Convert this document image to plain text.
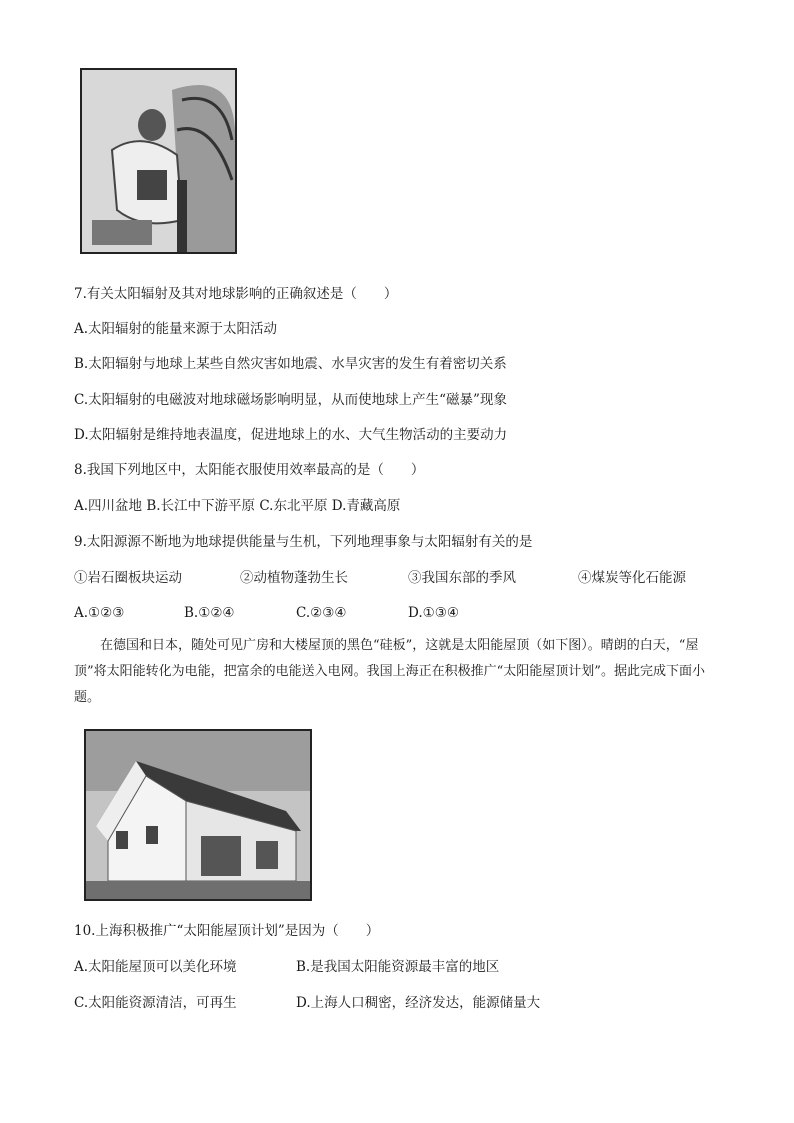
7.有关太阳辐射及其对地球影响的正确叙述是（　　）
A.太阳辐射的能量来源于太阳活动
B.太阳辐射与地球上某些自然灾害如地震、水旱灾害的发生有着密切关系
C.太阳辐射的电磁波对地球磁场影响明显，从而使地球上产生“磁暴”现象
D.太阳辐射是维持地表温度，促进地球上的水、大气生物活动的主要动力
8.我国下列地区中，太阳能衣服使用效率最高的是（　　）
A.四川盆地 B.长江中下游平原 C.东北平原 D.青藏高原
9.太阳源源不断地为地球提供能量与生机，下列地理事象与太阳辐射有关的是
①岩石圈板块运动	②动植物蓬勃生长	③我国东部的季风	④煤炭等化石能源
A.①②③	B.①②④	C.②③④	D.①③④
在德国和日本，随处可见广房和大楼屋顶的黑色“硅板”，这就是太阳能屋顶（如下图）。晴朗的白天，“屋顶”将太阳能转化为电能，把富余的电能送入电网。我国上海正在积极推广“太阳能屋顶计划”。据此完成下面小题。
10.上海积极推广“太阳能屋顶计划”是因为（　　）
A.太阳能屋顶可以美化环境	B.是我国太阳能资源最丰富的地区
C.太阳能资源清洁，可再生	D.上海人口稠密，经济发达，能源储量大
